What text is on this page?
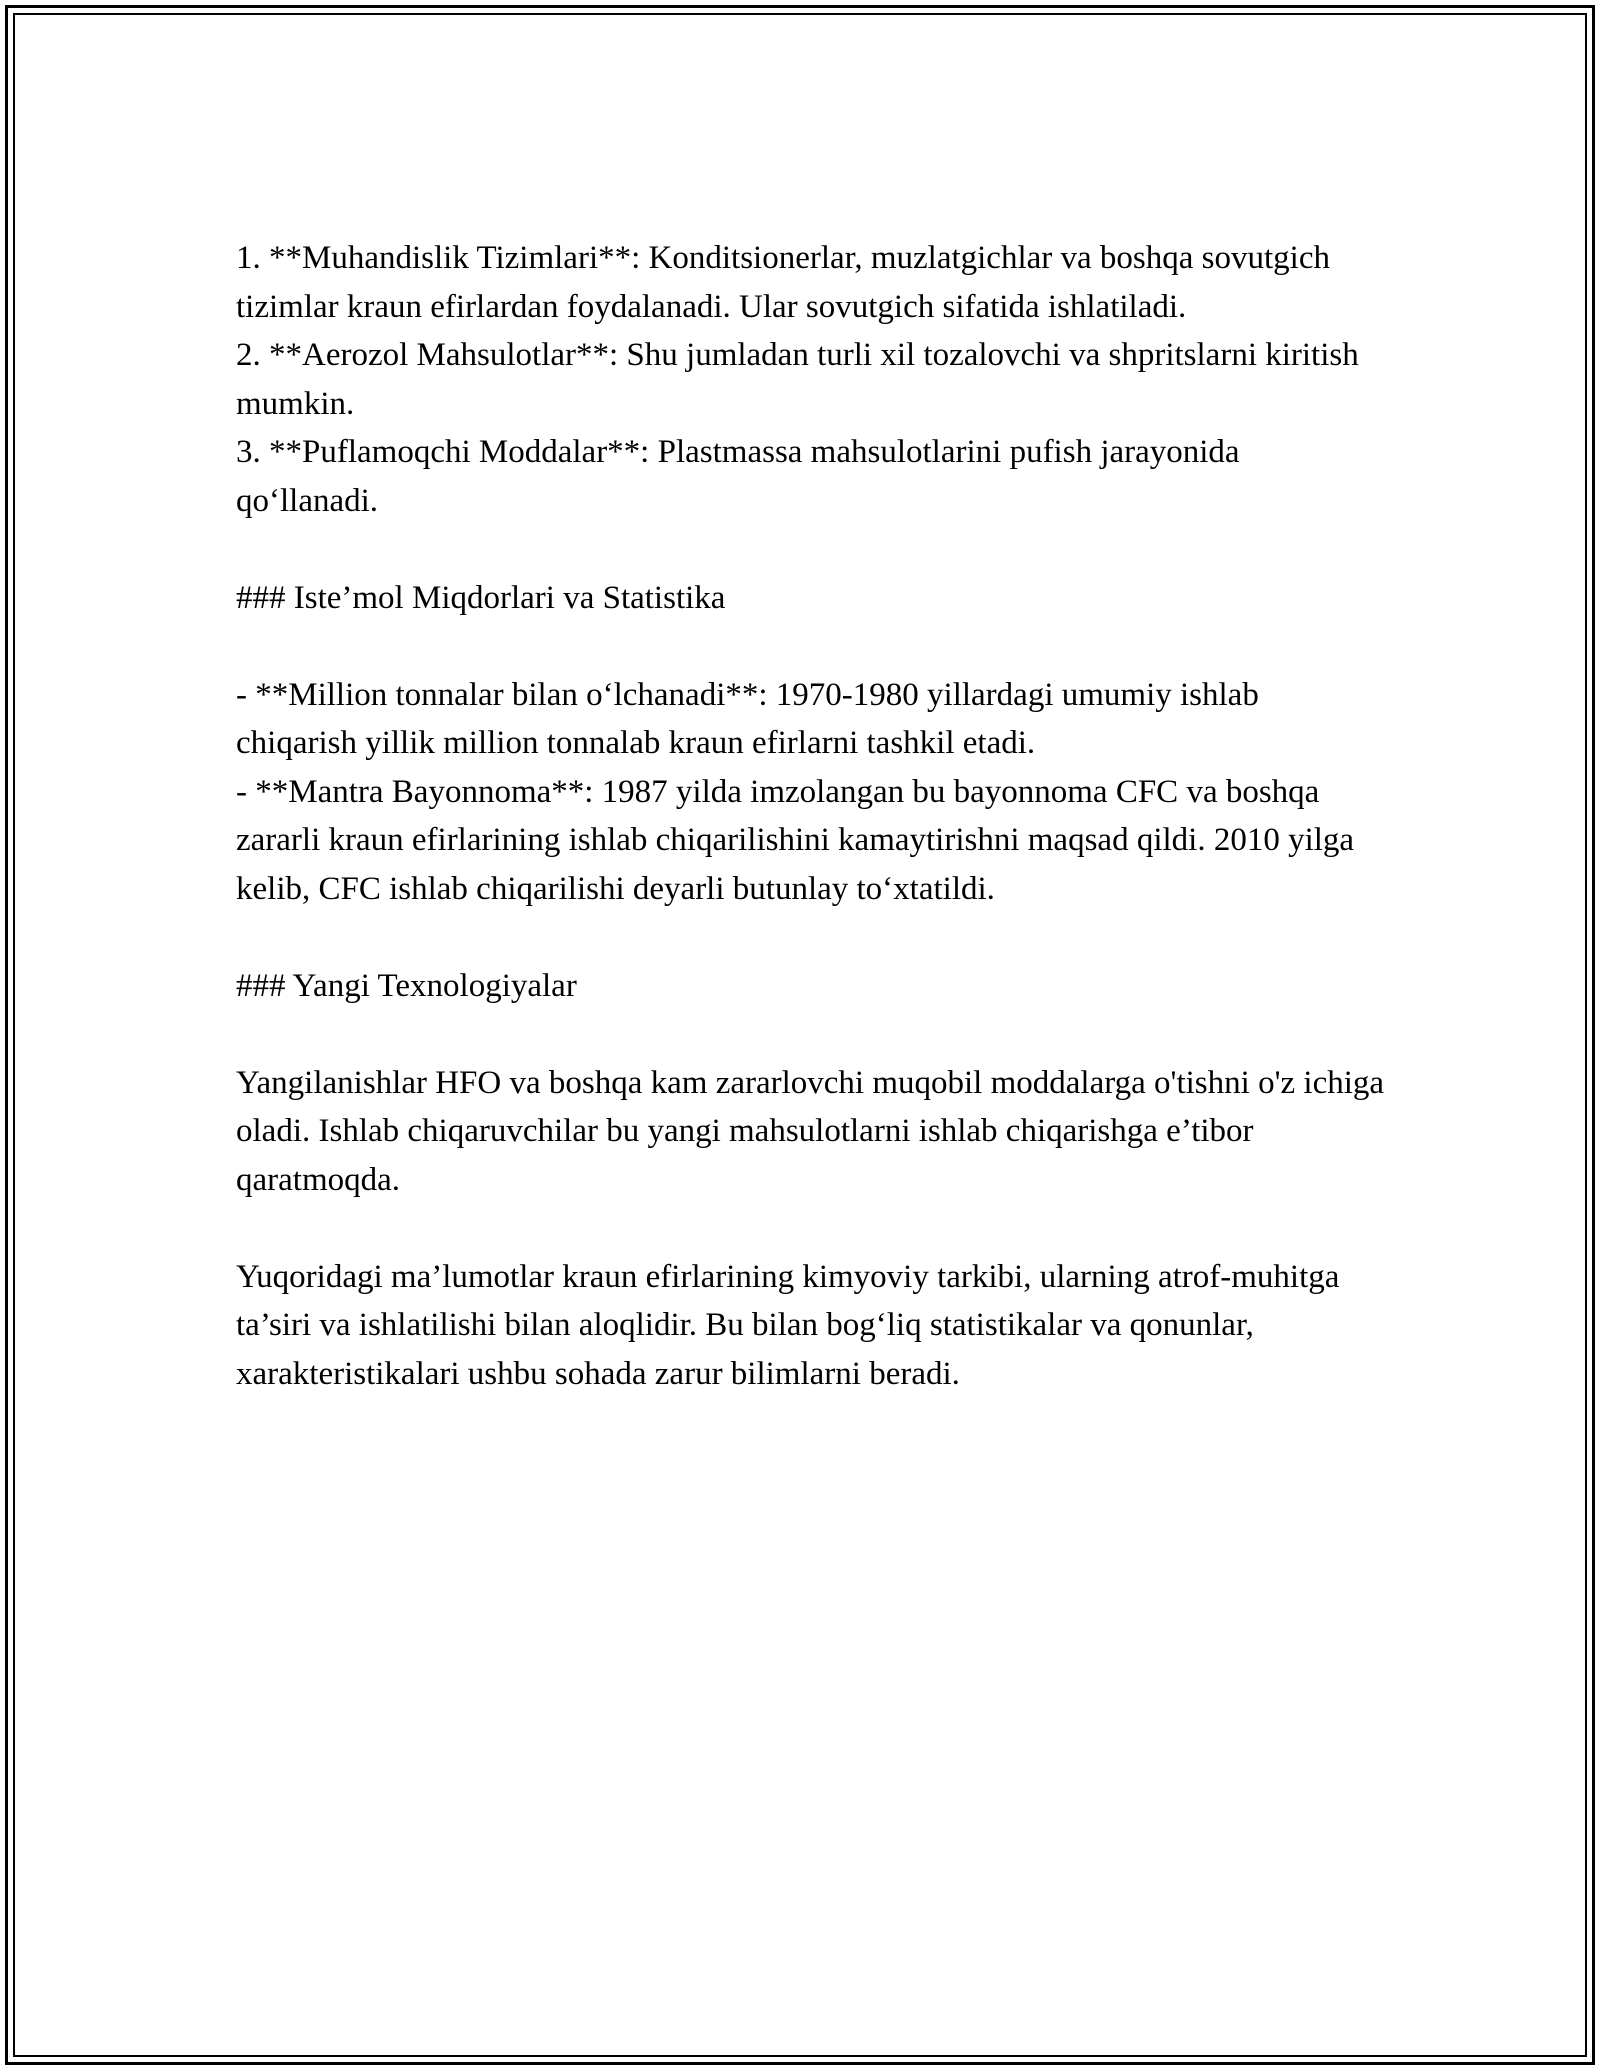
1. **Muhandislik Tizimlari**: Konditsionerlar, muzlatgichlar va boshqa sovutgich tizimlar kraun efirlardan foydalanadi. Ular sovutgich sifatida ishlatiladi.

2. **Aerozol Mahsulotlar**: Shu jumladan turli xil tozalovchi va shpritslarni kiritish mumkin.

3. **Puflamoqchi Moddalar**: Plastmassa mahsulotlarini pufish jarayonida qo‘llanadi.

### Iste’mol Miqdorlari va Statistika

- **Million tonnalar bilan o‘lchanadi**: 1970-1980 yillardagi umumiy ishlab chiqarish yillik million tonnalab kraun efirlarni tashkil etadi.

- **Mantra Bayonnoma**: 1987 yilda imzolangan bu bayonnoma CFC va boshqa zararli kraun efirlarining ishlab chiqarilishini kamaytirishni maqsad qildi. 2010 yilga kelib, CFC ishlab chiqarilishi deyarli butunlay to‘xtatildi.

### Yangi Texnologiyalar

Yangilanishlar HFO va boshqa kam zararlovchi muqobil moddalarga o'tishni o'z ichiga oladi. Ishlab chiqaruvchilar bu yangi mahsulotlarni ishlab chiqarishga e’tibor qaratmoqda.

Yuqoridagi ma’lumotlar kraun efirlarining kimyoviy tarkibi, ularning atrof-muhitga ta’siri va ishlatilishi bilan aloqlidir. Bu bilan bog‘liq statistikalar va qonunlar, xarakteristikalari ushbu sohada zarur bilimlarni beradi.
